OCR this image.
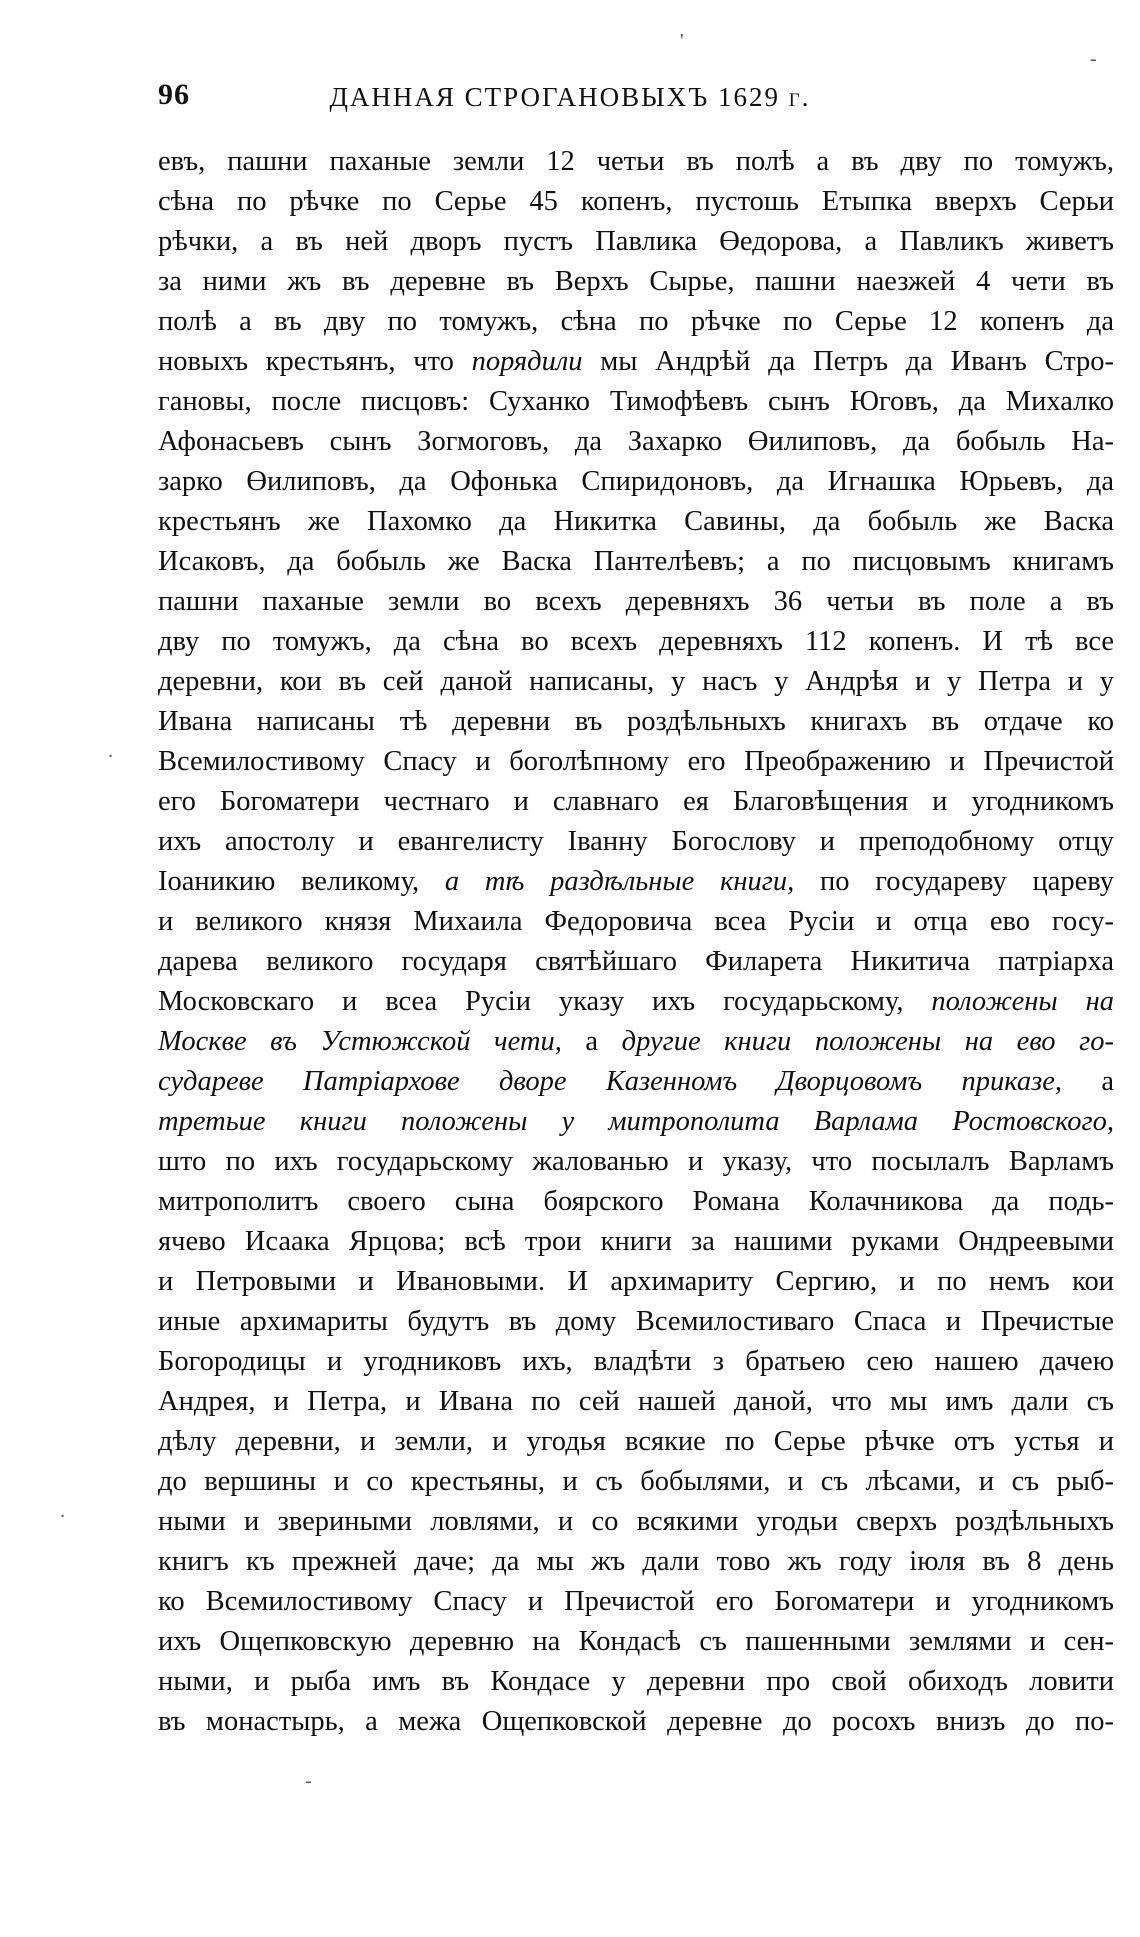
96	ДАННАЯ СТРОГАНОВЫХЪ 1629 г.
евъ, пашни паханые земли 12 четьи въ полѣ а въ дву по томужъ,
сѣна по рѣчке по Серье 45 копенъ, пустошь Етыпка вверхъ Серьи
рѣчки, а въ ней дворъ пустъ Павлика Өедорова, а Павликъ живетъ
за ними жъ въ деревне въ Верхъ Сырье, пашни наезжей 4 чети въ
полѣ а въ дву по томужъ, сѣна по рѣчке по Серье 12 копенъ да
новыхъ крестьянъ, что порядили мы Андрѣй да Петръ да Иванъ Стро-
гановы, после писцовъ: Суханко Тимофѣевъ сынъ Юговъ, да Михалко
Афонасьевъ сынъ Зогмоговъ, да Захарко Өилиповъ, да бобыль На-
зарко Өилиповъ, да Офонька Спиридоновъ, да Игнашка Юрьевъ, да
крестьянъ же Пахомко да Никитка Савины, да бобыль же Васка
Исаковъ, да бобыль же Васка Пантелѣевъ; а по писцовымъ книгамъ
пашни паханые земли во всехъ деревняхъ 36 четьи въ поле а въ
дву по томужъ, да сѣна во всехъ деревняхъ 112 копенъ. И тѣ все
деревни, кои въ сей даной написаны, у насъ у Андрѣя и у Петра и у
Ивана написаны тѣ деревни въ роздѣльныхъ книгахъ въ отдаче ко
Всемилостивому Спасу и боголѣпному его Преображению и Пречистой
его Богоматери честнаго и славнаго ея Благовѣщения и угодникомъ
ихъ апостолу и евангелисту Іванну Богослову и преподобному отцу
Іоаникию великому, а тѣ раздѣльные книги, по государеву цареву
и великого князя Михаила Федоровича всеа Русіи и отца ево госу-
дарева великого государя святѣйшаго Филарета Никитича патріарха
Московскаго и всеа Русіи указу ихъ государьскому, положены на
Москве въ Устюжской чети, а другие книги положены на ево го-
судареве Патріархове дворе Казенномъ Дворцовомъ приказе, а
третьие книги положены у митрополита Варлама Ростовского,
што по ихъ государьскому жалованью и указу, что посылалъ Варламъ
митрополитъ своего сына боярского Романа Колачникова да подь-
ячево Исаака Ярцова; всѣ трои книги за нашими руками Ондреевыми
и Петровыми и Ивановыми. И архимариту Сергию, и по немъ кои
иные архимариты будутъ въ дому Всемилостиваго Спаса и Пречистые
Богородицы и угодниковъ ихъ, владѣти з братьею сею нашею дачею
Андрея, и Петра, и Ивана по сей нашей даной, что мы имъ дали съ
дѣлу деревни, и земли, и угодья всякие по Серье рѣчке отъ устья и
до вершины и со крестьяны, и съ бобылями, и съ лѣсами, и съ рыб-
ными и звериными ловлями, и со всякими угодьи сверхъ роздѣльныхъ
книгъ къ прежней даче; да мы жъ дали тово жъ году іюля въ 8 день
ко Всемилостивому Спасу и Пречистой его Богоматери и угодникомъ
ихъ Ощепковскую деревню на Кондасѣ съ пашенными землями и сен-
ными, и рыба имъ въ Кондасе у деревни про свой обиходъ ловити
въ монастырь, а межа Ощепковской деревне до росохъ внизъ до по-
'
-
.
.
-
